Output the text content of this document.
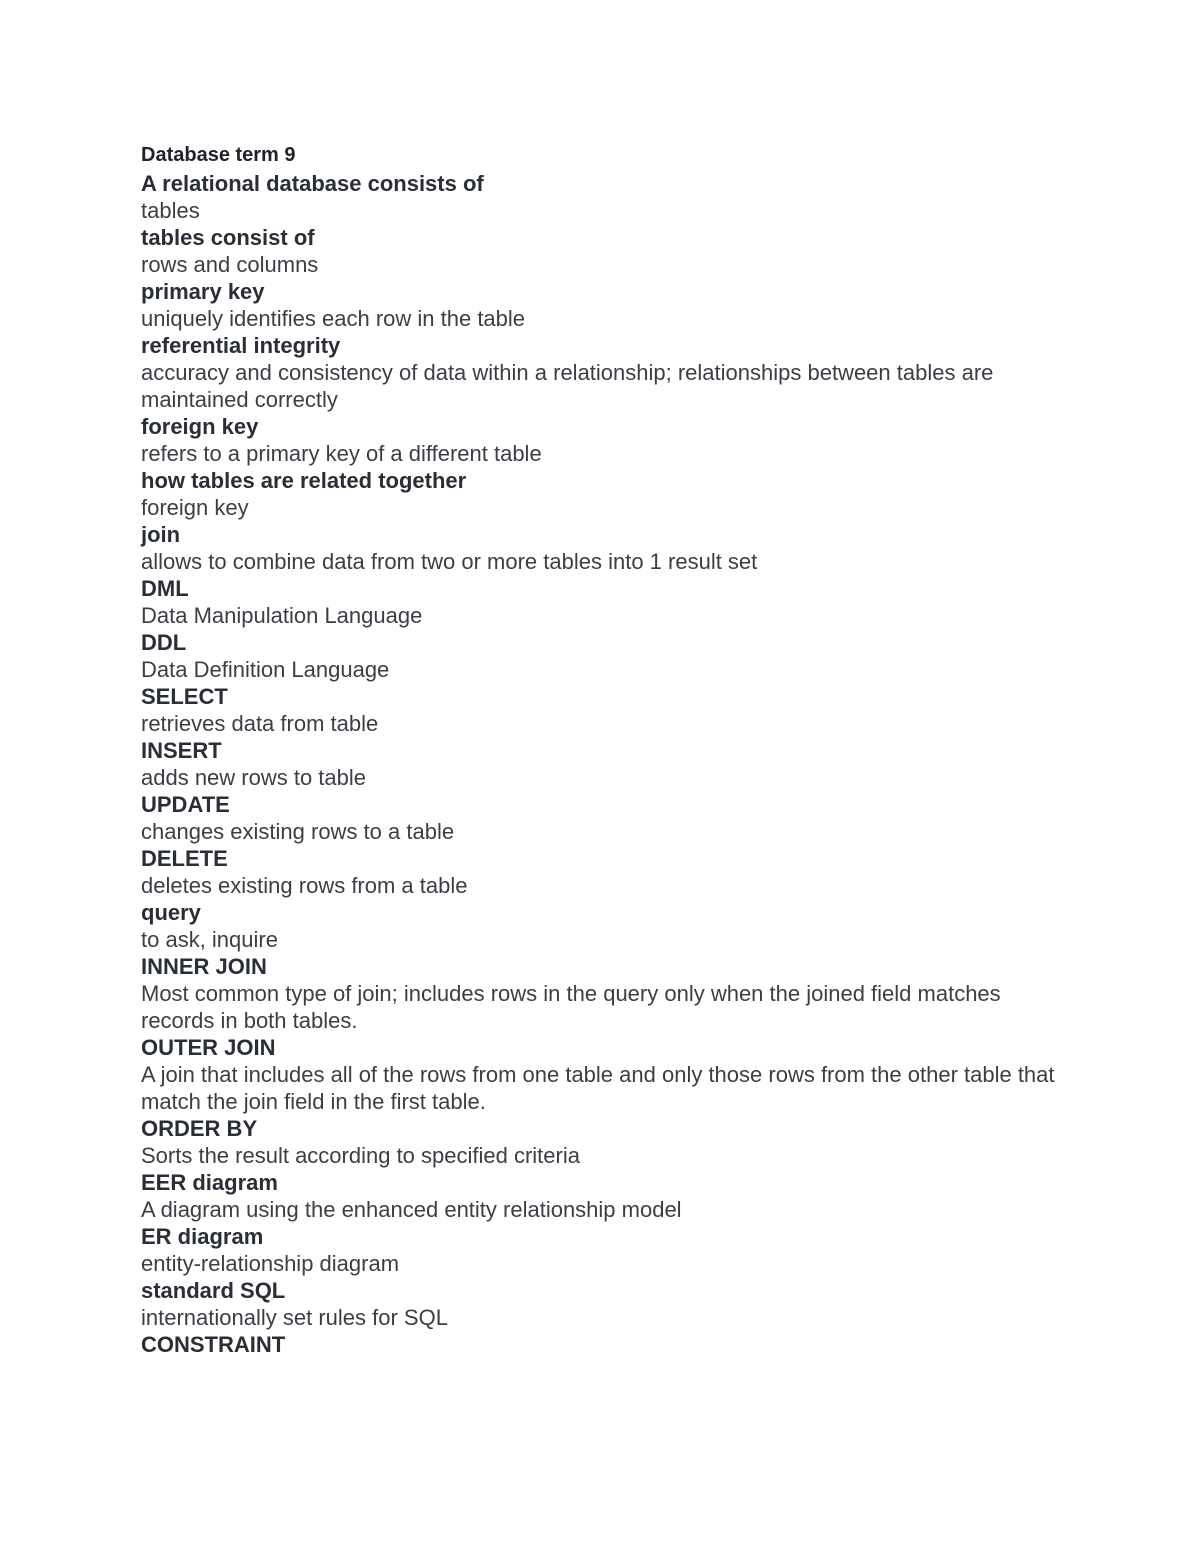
Database term 9

A relational database consists of

tables

tables consist of

rows and columns

primary key

uniquely identifies each row in the table

referential integrity

accuracy and consistency of data within a relationship; relationships between tables are maintained correctly

foreign key

refers to a primary key of a different table

how tables are related together

foreign key

join

allows to combine data from two or more tables into 1 result set

DML

Data Manipulation Language

DDL

Data Definition Language

SELECT

retrieves data from table

INSERT

adds new rows to table

UPDATE

changes existing rows to a table

DELETE

deletes existing rows from a table

query

to ask, inquire

INNER JOIN

Most common type of join; includes rows in the query only when the joined field matches records in both tables.

OUTER JOIN

A join that includes all of the rows from one table and only those rows from the other table that match the join field in the first table.

ORDER BY

Sorts the result according to specified criteria

EER diagram

A diagram using the enhanced entity relationship model

ER diagram

entity-relationship diagram

standard SQL

internationally set rules for SQL

CONSTRAINT
